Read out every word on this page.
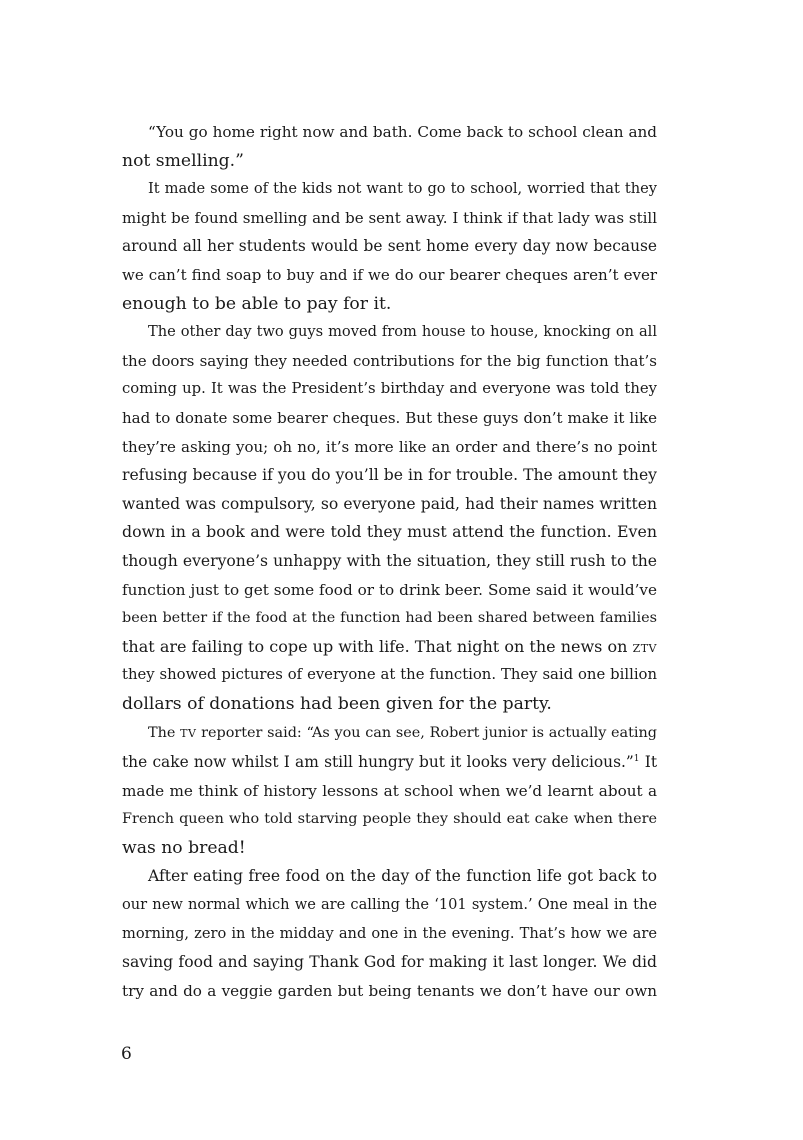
“You go home right now and bath. Come back to school clean and
not smelling.”

It made some of the kids not want to go to school, worried that they
might be found smelling and be sent away. I think if that lady was still
around all her students would be sent home every day now because
we can’t find soap to buy and if we do our bearer cheques aren’t ever
enough to be able to pay for it.

The other day two guys moved from house to house, knocking on all
the doors saying they needed contributions for the big function that’s
coming up. It was the President’s birthday and everyone was told they
had to donate some bearer cheques. But these guys don’t make it like
they’re asking you; oh no, it’s more like an order and there’s no point
refusing because if you do you’ll be in for trouble. The amount they
wanted was compulsory, so everyone paid, had their names written
down in a book and were told they must attend the function. Even
though everyone’s unhappy with the situation, they still rush to the
function just to get some food or to drink beer. Some said it would’ve
been better if the food at the function had been shared between families
that are failing to cope up with life. That night on the news on ztv
they showed pictures of everyone at the function. They said one billion
dollars of donations had been given for the party.

The tv reporter said: “As you can see, Robert junior is actually eating
the cake now whilst I am still hungry but it looks very delicious.”$^1$ It
made me think of history lessons at school when we’d learnt about a
French queen who told starving people they should eat cake when there
was no bread!

After eating free food on the day of the function life got back to
our new normal which we are calling the ‘101 system.’ One meal in the
morning, zero in the midday and one in the evening. That’s how we are
saving food and saying Thank God for making it last longer. We did
try and do a veggie garden but being tenants we don’t have our own

6
